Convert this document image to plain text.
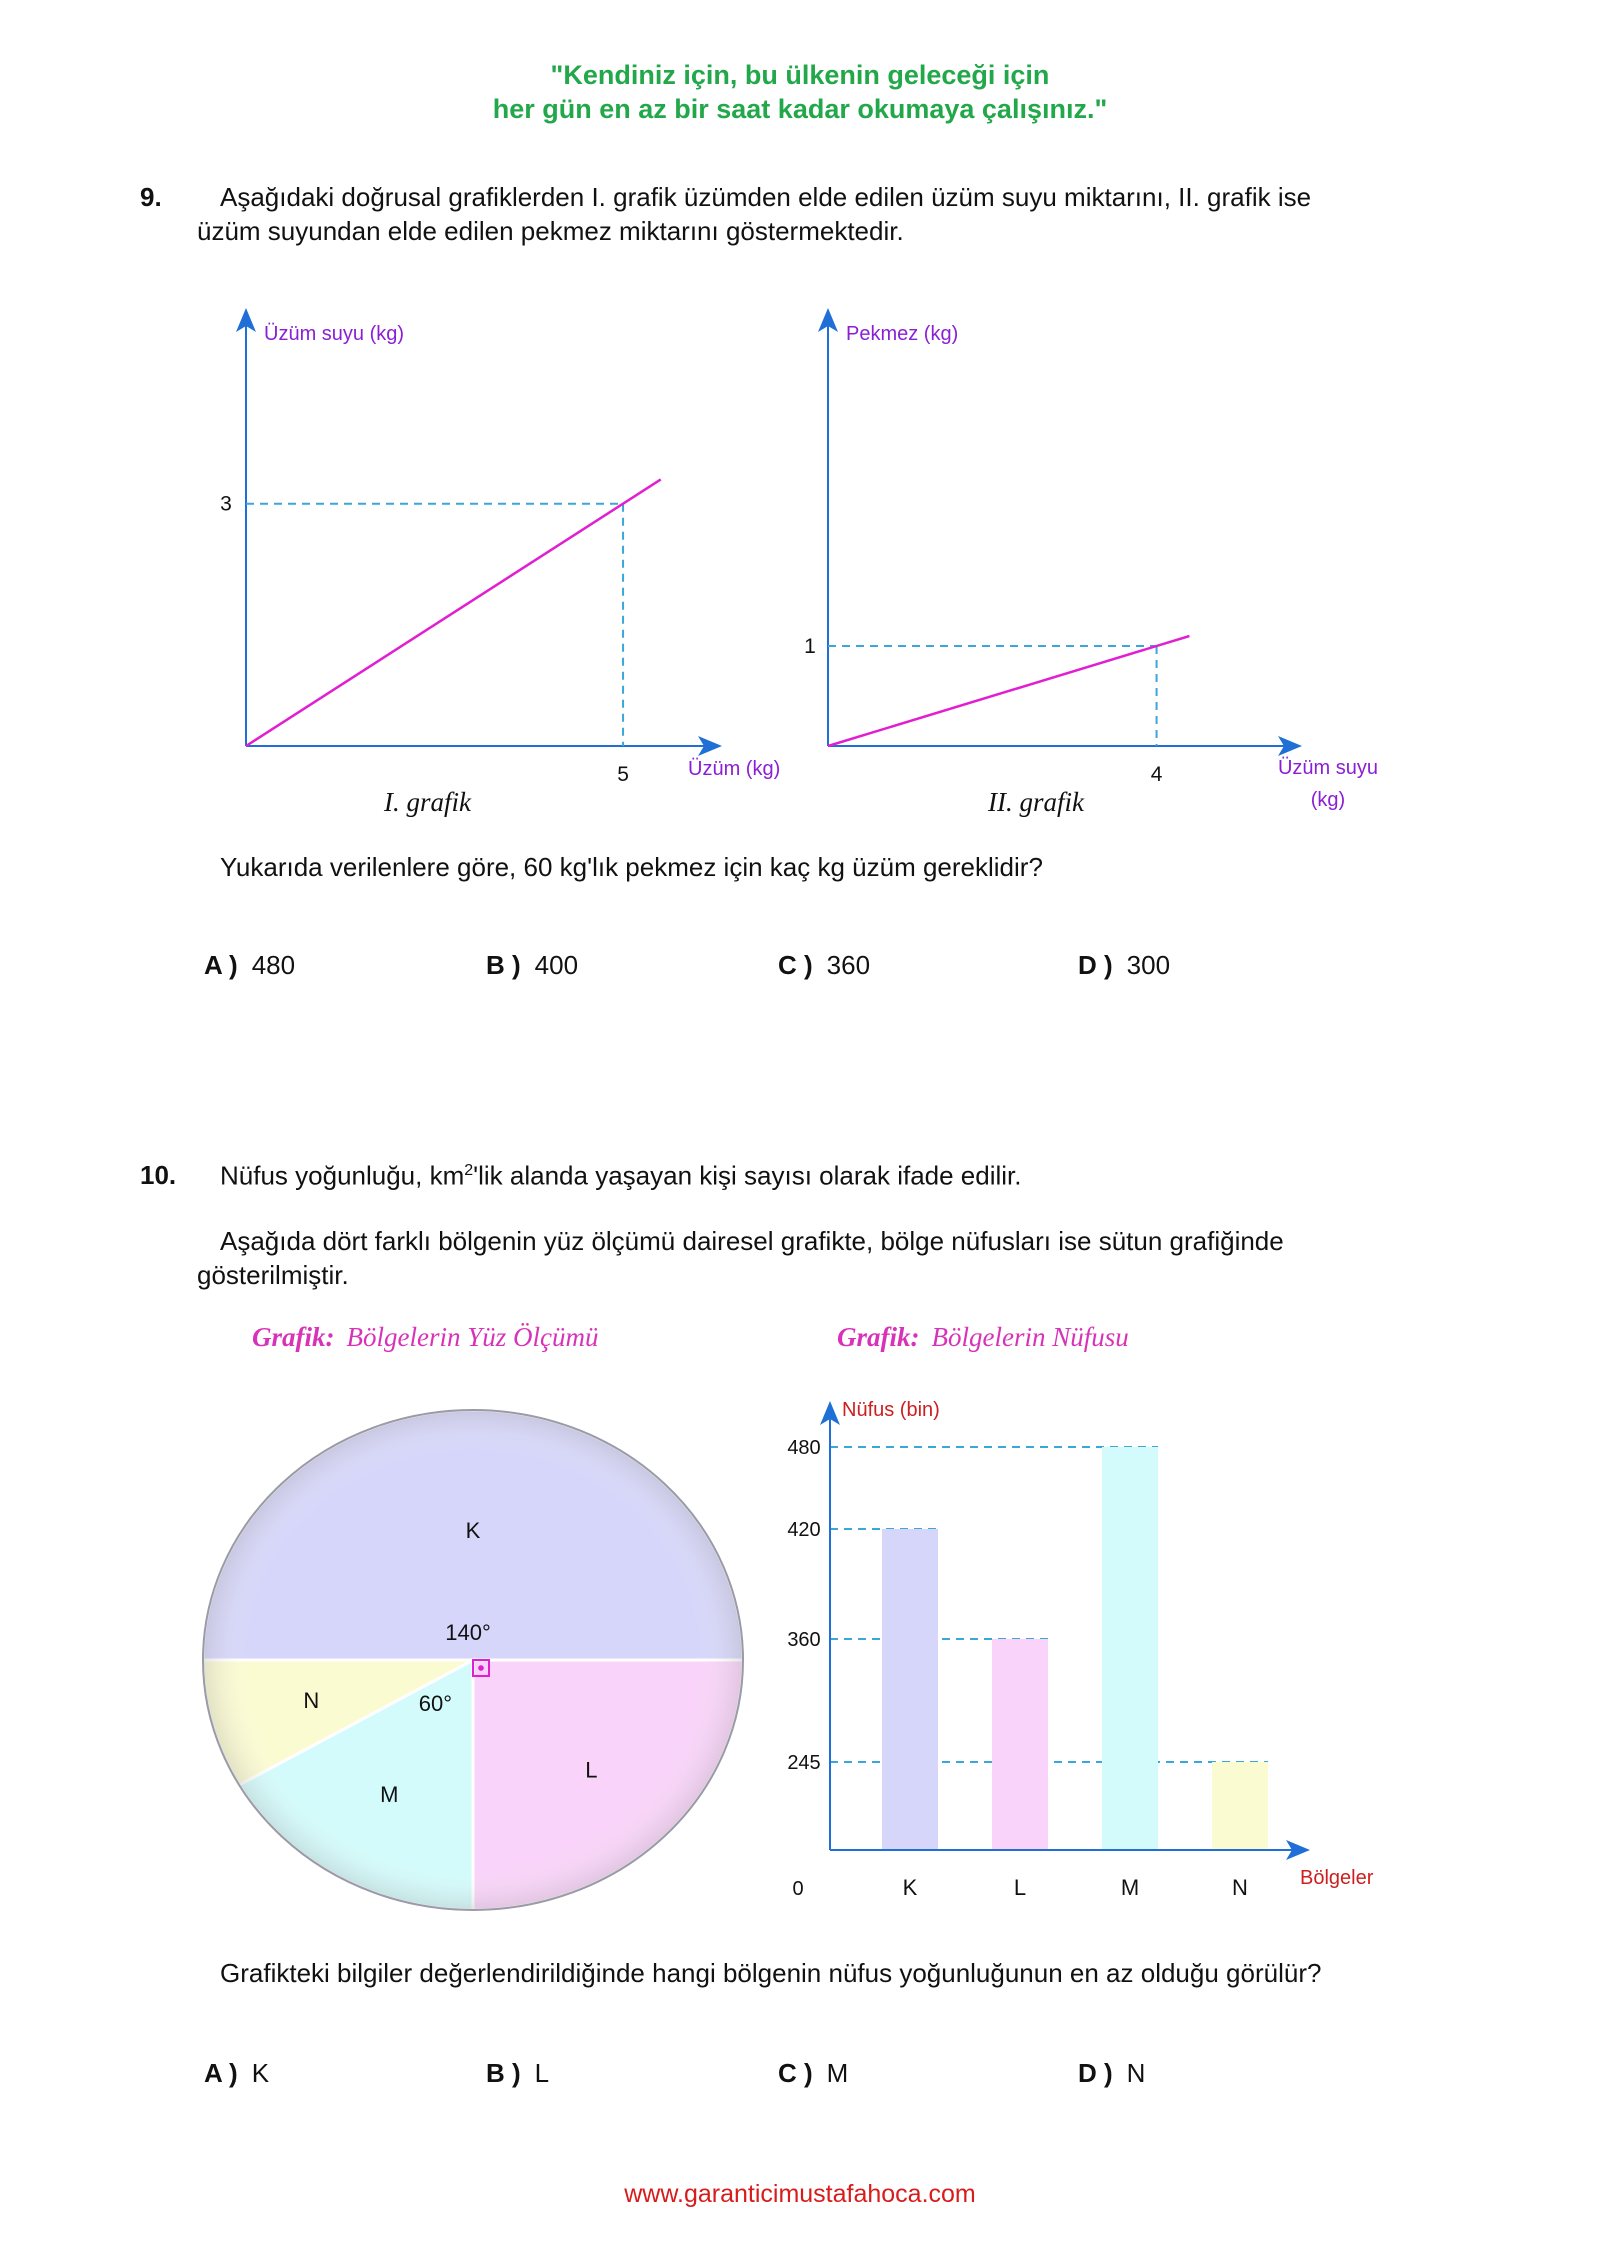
"Kendiniz için, bu ülkenin geleceği için
her gün en az bir saat kadar okumaya çalışınız."
9. Aşağıdaki doğrusal grafiklerden I. grafik üzümden elde edilen üzüm suyu miktarını, II. grafik ise
üzüm suyundan elde edilen pekmez miktarını göstermektedir.
Üzüm suyu (kg)
Üzüm (kg)
3
5
Pekmez (kg)
Üzüm suyu
(kg)
1
4
I. grafik	II. grafik
Yukarıda verilenlere göre, 60 kg'lık pekmez için kaç kg üzüm gereklidir?
A ) 480	B ) 400	C ) 360	D ) 300
10. Nüfus yoğunluğu, $km^2'lik$ alanda yaşayan kişi sayısı olarak ifade edilir.
Aşağıda dört farklı bölgenin yüz ölçümü dairesel grafikte, bölge nüfusları ise sütun grafiğinde
gösterilmiştir.
Grafik: Bölgelerin Yüz Ölçümü	Grafik: Bölgelerin Nüfusu
K
L
M
N
140°
60°
Nüfus (bin)
Bölgeler
0
245
360
420
480
K	L	M	N
Grafikteki bilgiler değerlendirildiğinde hangi bölgenin nüfus yoğunluğunun en az olduğu görülür?
A ) K	B ) L	C ) M	D ) N
www.garanticimustafahoca.com
